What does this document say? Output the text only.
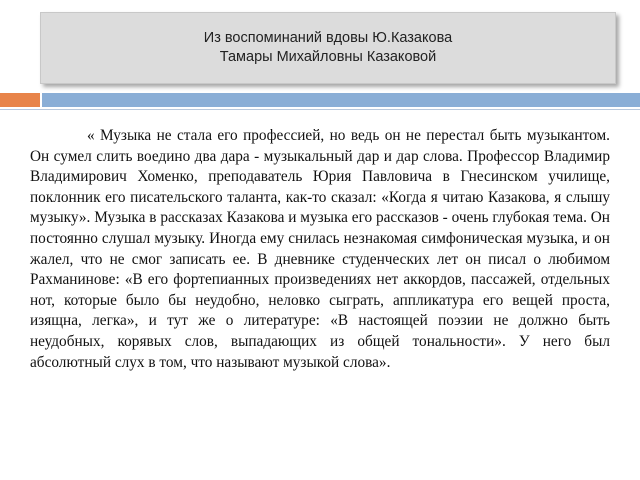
Из воспоминаний вдовы Ю.Казакова
Тамары Михайловны Казаковой

« Музыка не стала его профессией, но ведь он не перестал быть музыкантом. Он сумел слить воедино два дара - музыкальный дар и дар слова. Профессор Владимир Владимирович Хоменко, преподаватель Юрия Павловича в Гнесинском училище, поклонник его писательского таланта, как-то сказал: «Когда я читаю Казакова, я слышу музыку». Музыка в рассказах Казакова и музыка его рассказов - очень глубокая тема. Он постоянно слушал музыку. Иногда ему снилась незнакомая симфоническая музыка, и он жалел, что не смог записать ее. В дневнике студенческих лет он писал о любимом Рахманинове: «В его фортепианных произведениях нет аккордов, пассажей, отдельных нот, которые было бы неудобно, неловко сыграть, аппликатура его вещей проста, изящна, легка», и тут же о литературе: «В настоящей поэзии не должно быть неудобных, корявых слов, выпадающих из общей тональности». У него был абсолютный слух в том, что называют музыкой слова».
